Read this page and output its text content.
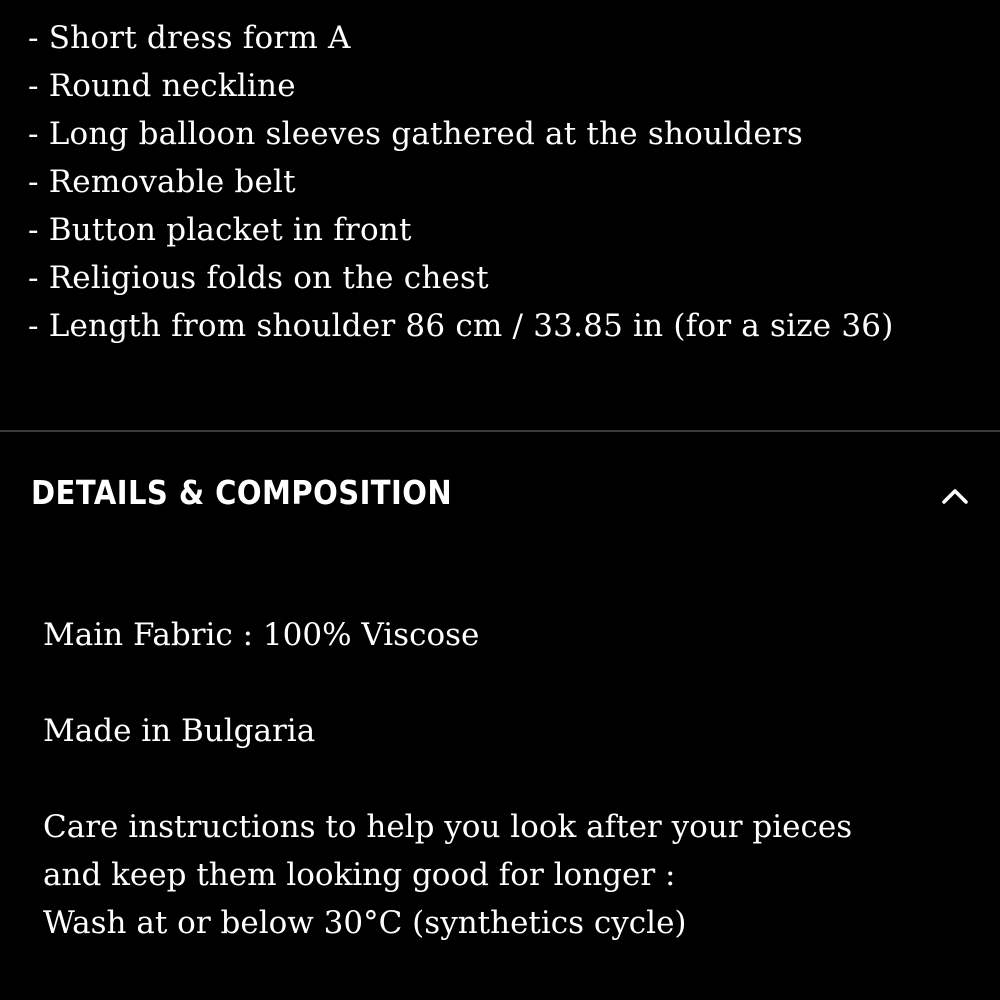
- Short dress form A
- Round neckline
- Long balloon sleeves gathered at the shoulders
- Removable belt
- Button placket in front
- Religious folds on the chest
- Length from shoulder 86 cm / 33.85 in (for a size 36)
DETAILS & COMPOSITION

Main Fabric : 100% Viscose

Made in Bulgaria

Care instructions to help you look after your pieces
and keep them looking good for longer :
Wash at or below 30°C (synthetics cycle)
